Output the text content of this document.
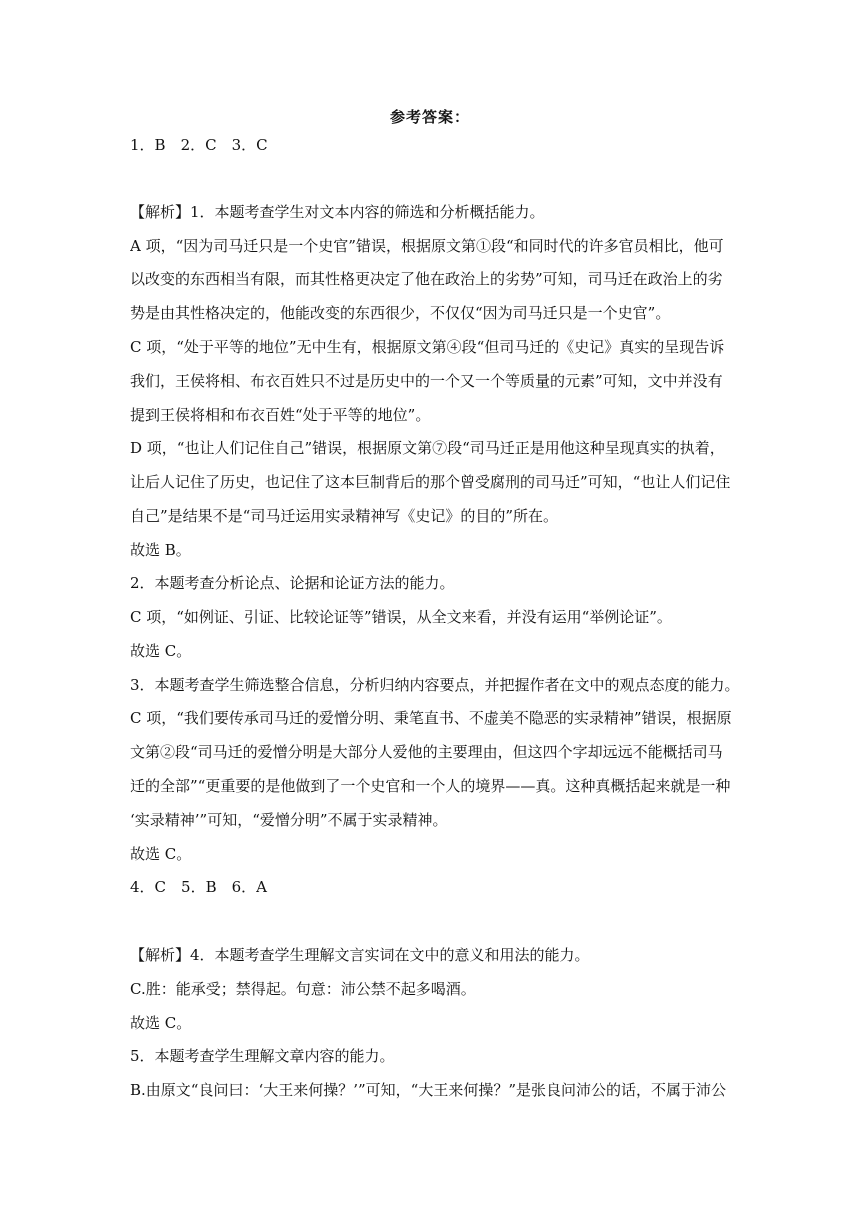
参考答案：
1．B　2．C　3．C
【解析】1．本题考查学生对文本内容的筛选和分析概括能力。
A 项，“因为司马迁只是一个史官”错误，根据原文第①段“和同时代的许多官员相比，他可
以改变的东西相当有限，而其性格更决定了他在政治上的劣势”可知，司马迁在政治上的劣
势是由其性格决定的，他能改变的东西很少，不仅仅“因为司马迁只是一个史官”。
C 项，“处于平等的地位”无中生有，根据原文第④段“但司马迁的《史记》真实的呈现告诉
我们，王侯将相、布衣百姓只不过是历史中的一个又一个等质量的元素”可知，文中并没有
提到王侯将相和布衣百姓“处于平等的地位”。
D 项，“也让人们记住自己”错误，根据原文第⑦段“司马迁正是用他这种呈现真实的执着，
让后人记住了历史，也记住了这本巨制背后的那个曾受腐刑的司马迁”可知，“也让人们记住
自己”是结果不是“司马迁运用实录精神写《史记》的目的”所在。
故选 B。
2．本题考查分析论点、论据和论证方法的能力。
C 项，“如例证、引证、比较论证等”错误，从全文来看，并没有运用“举例论证”。
故选 C。
3．本题考查学生筛选整合信息，分析归纳内容要点，并把握作者在文中的观点态度的能力。
C 项，“我们要传承司马迁的爱憎分明、秉笔直书、不虚美不隐恶的实录精神”错误，根据原
文第②段“司马迁的爱憎分明是大部分人爱他的主要理由，但这四个字却远远不能概括司马
迁的全部”“更重要的是他做到了一个史官和一个人的境界——真。这种真概括起来就是一种
‘实录精神’”可知，“爱憎分明”不属于实录精神。
故选 C。
4．C　5．B　6．A
【解析】4．本题考查学生理解文言实词在文中的意义和用法的能力。
C.胜：能承受；禁得起。句意：沛公禁不起多喝酒。
故选 C。
5．本题考查学生理解文章内容的能力。
B.由原文“良问曰：‘大王来何操？’”可知，“大王来何操？”是张良问沛公的话，不属于沛公
